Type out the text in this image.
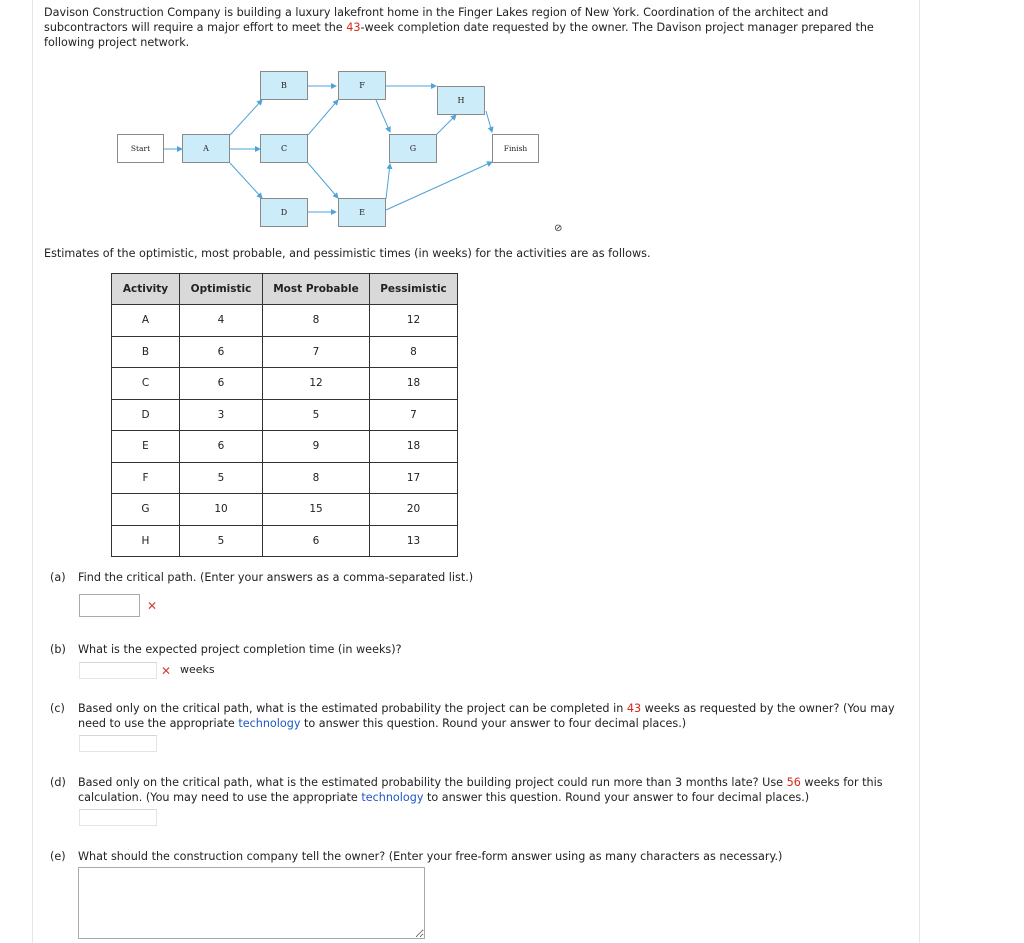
Davison Construction Company is building a luxury lakefront home in the Finger Lakes region of New York. Coordination of the architect and subcontractors will require a major effort to meet the 43-week completion date requested by the owner. The Davison project manager prepared the following project network.
Start	A
B
C
D
F
E
G
H
Finish
⊘
Estimates of the optimistic, most probable, and pessimistic times (in weeks) for the activities are as follows.
Activity	Optimistic	Most Probable	Pessimistic
A	4	8	12
B	6	7	8
C	6	12	18
D	3	5	7
E	6	9	18
F	5	8	17
G	10	15	20
H	5	6	13
(a) Find the critical path. (Enter your answers as a comma-separated list.)
✕
(b) What is the expected project completion time (in weeks)?
✕ weeks
(c) Based only on the critical path, what is the estimated probability the project can be completed in 43 weeks as requested by the owner? (You may need to use the appropriate technology to answer this question. Round your answer to four decimal places.)
(d) Based only on the critical path, what is the estimated probability the building project could run more than 3 months late? Use 56 weeks for this calculation. (You may need to use the appropriate technology to answer this question. Round your answer to four decimal places.)
(e) What should the construction company tell the owner? (Enter your free-form answer using as many characters as necessary.)
